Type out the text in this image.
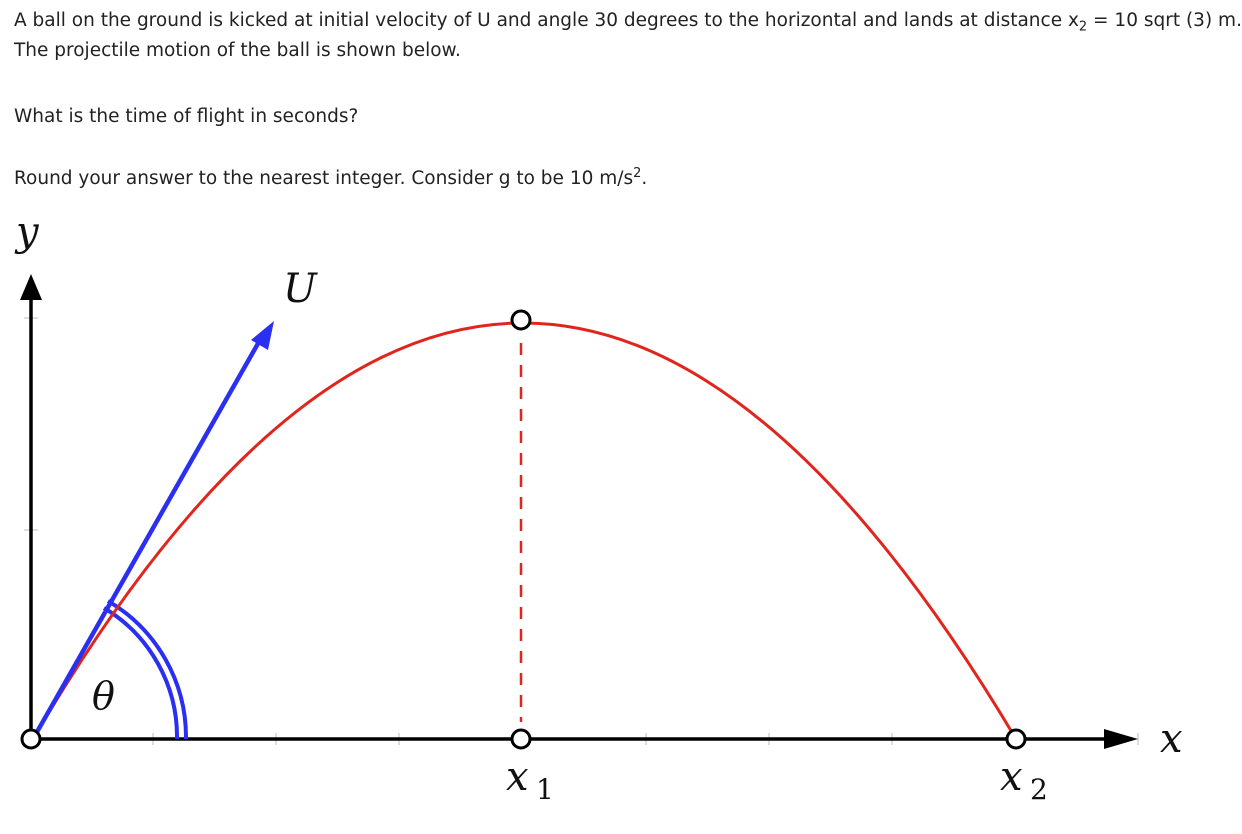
A ball on the ground is kicked at initial velocity of U and angle 30 degrees to the horizontal and lands at distance $x_2 = 10$ sqrt (3) m.

The projectile motion of the ball is shown below.

What is the time of flight in seconds?

Round your answer to the nearest integer. Consider g to be 10 $m/s^2$.

y
x
U
θ
x 1	x 2
